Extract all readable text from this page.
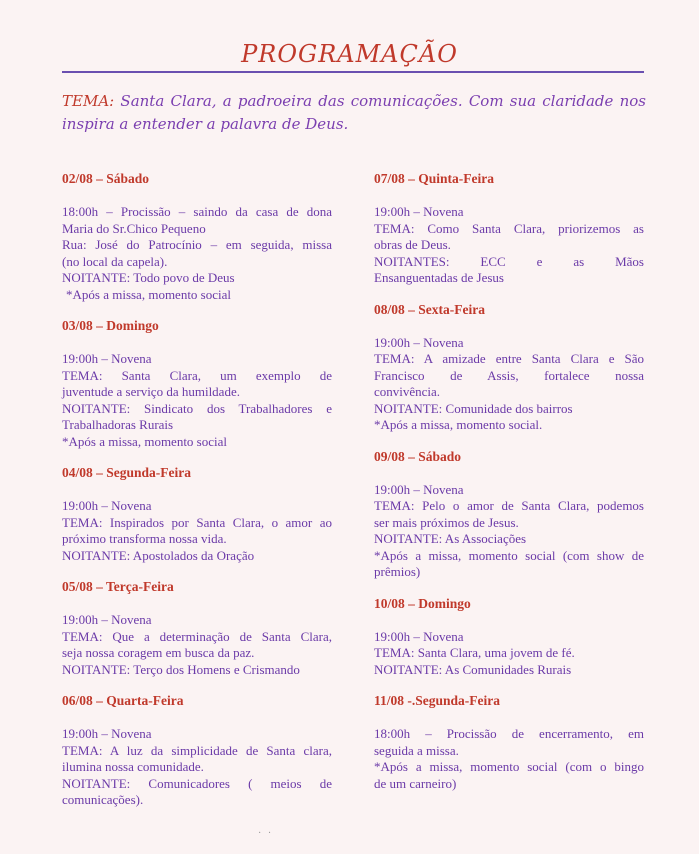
PROGRAMAÇÃO
TEMA: Santa Clara, a padroeira das comunicações. Com sua claridade nos inspira a entender a palavra de Deus.
02/08 – Sábado
18:00h – Procissão – saindo da casa de dona
Maria do Sr.Chico Pequeno
Rua: José do Patrocínio – em seguida, missa
(no local da capela).
NOITANTE: Todo povo de Deus
*Após a missa, momento social
03/08 – Domingo
19:00h – Novena
TEMA: Santa Clara, um exemplo de
juventude a serviço da humildade.
NOITANTE: Sindicato dos Trabalhadores e
Trabalhadoras Rurais
*Após a missa, momento social
04/08 – Segunda-Feira
19:00h – Novena
TEMA: Inspirados por Santa Clara, o amor ao
próximo transforma nossa vida.
NOITANTE: Apostolados da Oração
05/08 – Terça-Feira
19:00h – Novena
TEMA: Que a determinação de Santa Clara,
seja nossa coragem em busca da paz.
NOITANTE: Terço dos Homens e Crismando
06/08 – Quarta-Feira
19:00h – Novena
TEMA: A luz da simplicidade de Santa clara,
ilumina nossa comunidade.
NOITANTE: Comunicadores ( meios de
comunicações).
07/08 – Quinta-Feira
19:00h – Novena
TEMA: Como Santa Clara, priorizemos as
obras de Deus.
NOITANTES: ECC e as Mãos
Ensanguentadas de Jesus
08/08 – Sexta-Feira
19:00h – Novena
TEMA: A amizade entre Santa Clara e São
Francisco de Assis, fortalece nossa
convivência.
NOITANTE: Comunidade dos bairros
*Após a missa, momento social.
09/08 – Sábado
19:00h – Novena
TEMA: Pelo o amor de Santa Clara, podemos
ser mais próximos de Jesus.
NOITANTE: As Associações
*Após a missa, momento social (com show de
prêmios)
10/08 – Domingo
19:00h – Novena
TEMA: Santa Clara, uma jovem de fé.
NOITANTE: As Comunidades Rurais
11/08 -.Segunda-Feira
18:00h – Procissão de encerramento, em
seguida a missa.
*Após a missa, momento social (com o bingo
de um carneiro)
· ·
